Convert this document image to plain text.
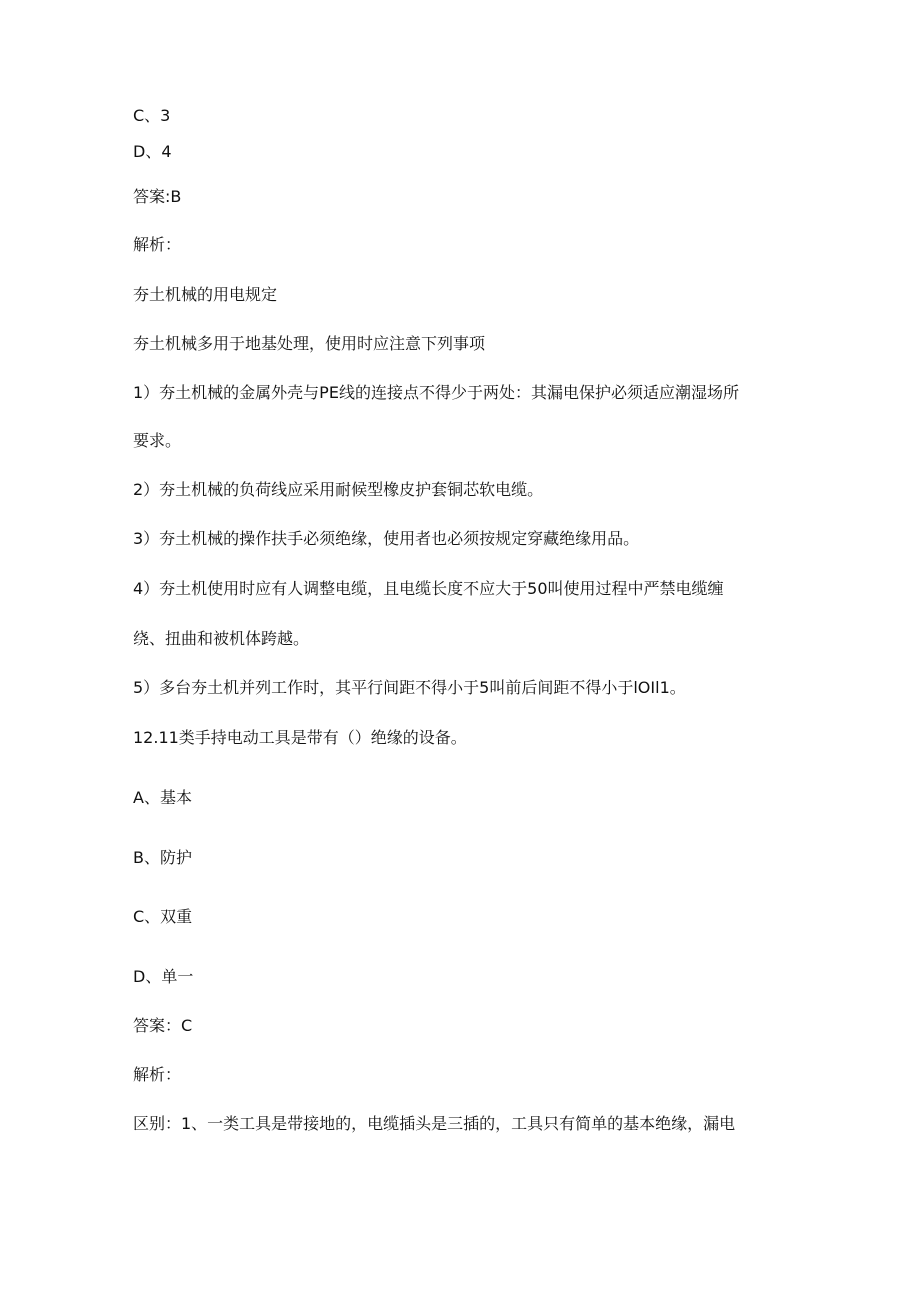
C、3
D、4
答案:B
解析：
夯土机械的用电规定
夯土机械多用于地基处理，使用时应注意下列事项
1）夯土机械的金属外壳与PE线的连接点不得少于两处：其漏电保护必须适应潮湿场所
要求。
2）夯土机械的负荷线应采用耐候型橡皮护套铜芯软电缆。
3）夯土机械的操作扶手必须绝缘，使用者也必须按规定穿藏绝缘用品。
4）夯土机使用时应有人调整电缆，且电缆长度不应大于50叫使用过程中严禁电缆缠
绕、扭曲和被机体跨越。
5）多台夯土机并列工作时，其平行间距不得小于5叫前后间距不得小于lOIl1。
12.11类手持电动工具是带有（）绝缘的设备。
A、基本
B、防护
C、双重
D、单一
答案：C
解析：
区别：1、一类工具是带接地的，电缆插头是三插的，工具只有简单的基本绝缘，漏电
